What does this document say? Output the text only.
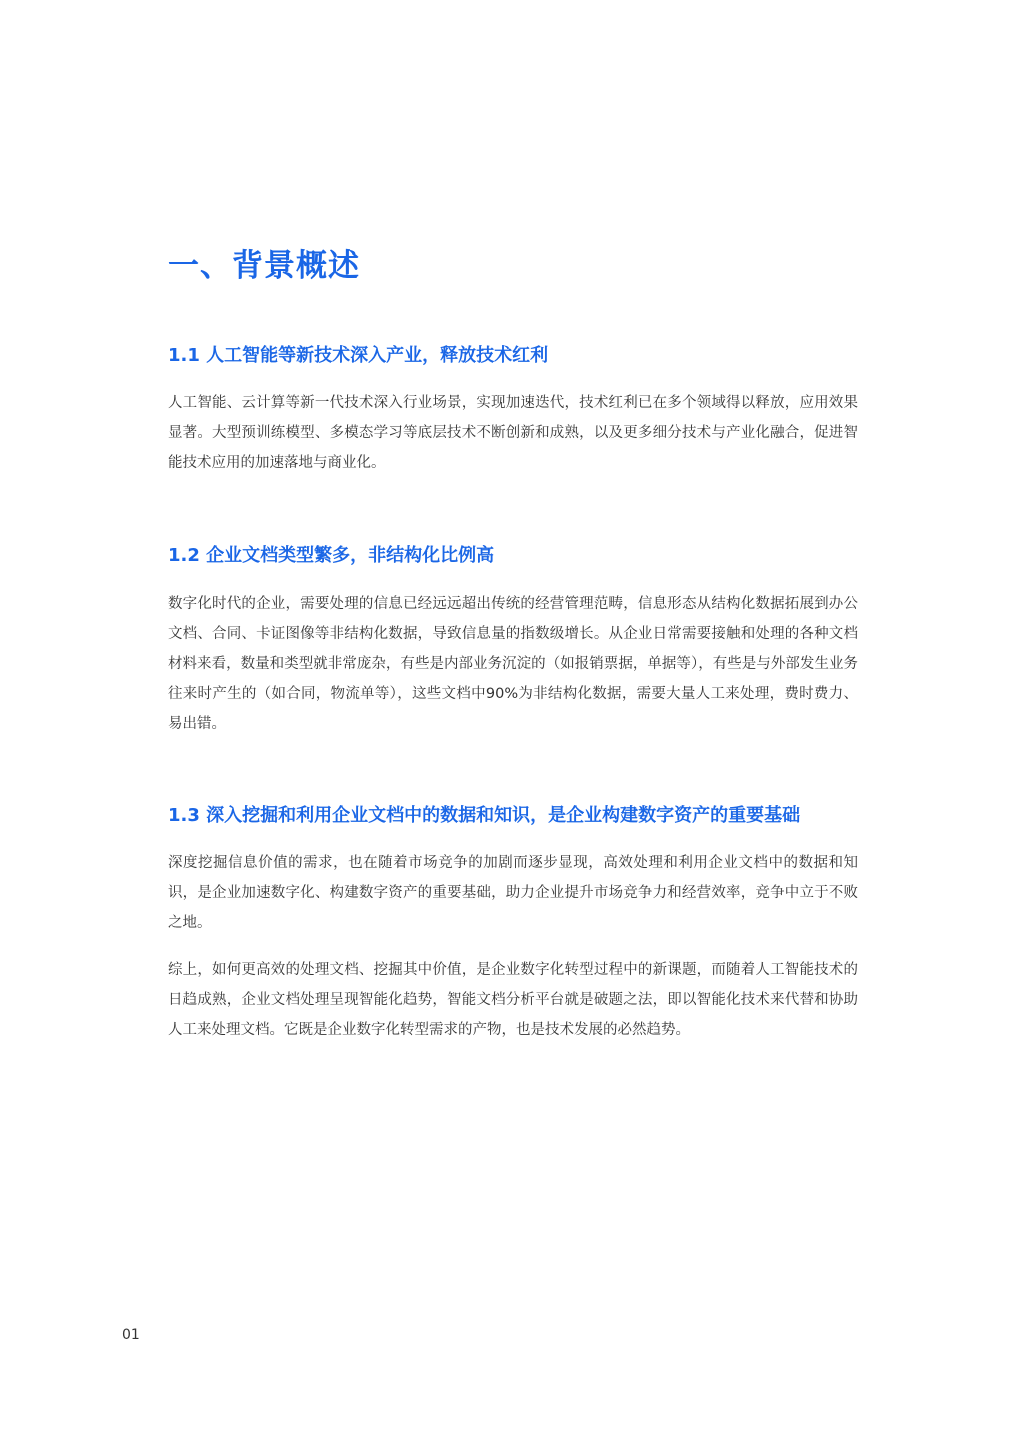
一、背景概述
1.1 人工智能等新技术深入产业，释放技术红利

人工智能、云计算等新一代技术深入行业场景，实现加速迭代，技术红利已在多个领域得以释放，应用效果显著。大型预训练模型、多模态学习等底层技术不断创新和成熟，以及更多细分技术与产业化融合，促进智能技术应用的加速落地与商业化。

1.2 企业文档类型繁多，非结构化比例高

数字化时代的企业，需要处理的信息已经远远超出传统的经营管理范畴，信息形态从结构化数据拓展到办公文档、合同、卡证图像等非结构化数据，导致信息量的指数级增长。从企业日常需要接触和处理的各种文档材料来看，数量和类型就非常庞杂，有些是内部业务沉淀的（如报销票据，单据等），有些是与外部发生业务往来时产生的（如合同，物流单等），这些文档中90%为非结构化数据，需要大量人工来处理，费时费力、易出错。

1.3 深入挖掘和利用企业文档中的数据和知识，是企业构建数字资产的重要基础

深度挖掘信息价值的需求，也在随着市场竞争的加剧而逐步显现，高效处理和利用企业文档中的数据和知识，是企业加速数字化、构建数字资产的重要基础，助力企业提升市场竞争力和经营效率，竞争中立于不败之地。

综上，如何更高效的处理文档、挖掘其中价值，是企业数字化转型过程中的新课题，而随着人工智能技术的日趋成熟，企业文档处理呈现智能化趋势，智能文档分析平台就是破题之法，即以智能化技术来代替和协助人工来处理文档。它既是企业数字化转型需求的产物，也是技术发展的必然趋势。

01
